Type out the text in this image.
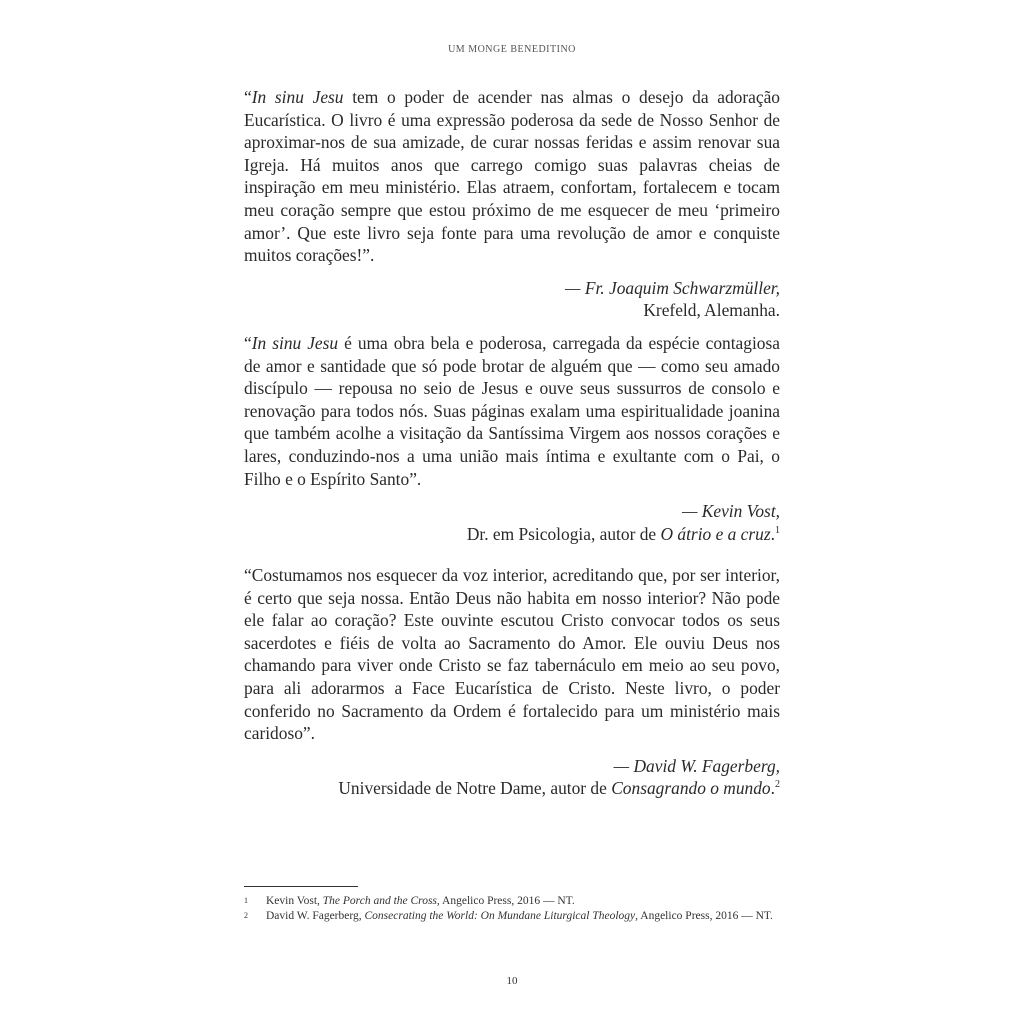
UM MONGE BENEDITINO

“In sinu Jesu tem o poder de acender nas almas o desejo da adoração Eucarística. O livro é uma expressão poderosa da sede de Nosso Senhor de aproximar-nos de sua amizade, de curar nossas feridas e assim renovar sua Igreja. Há muitos anos que carrego comigo suas palavras cheias de inspiração em meu ministério. Elas atraem, confortam, fortalecem e tocam meu coração sempre que estou próximo de me esquecer de meu ‘primeiro amor’. Que este livro seja fonte para uma revolução de amor e conquiste muitos corações!”.

— Fr. Joaquim Schwarzmüller,
Krefeld, Alemanha.

“In sinu Jesu é uma obra bela e poderosa, carregada da espécie contagiosa de amor e santidade que só pode brotar de alguém que — como seu amado discípulo — repousa no seio de Jesus e ouve seus sussurros de consolo e renovação para todos nós. Suas páginas exalam uma espiritualidade joanina que também acolhe a visitação da Santíssima Virgem aos nossos corações e lares, conduzindo-nos a uma união mais íntima e exultante com o Pai, o Filho e o Espírito Santo”.

— Kevin Vost,
Dr. em Psicologia, autor de O átrio e a cruz.$^1$

“Costumamos nos esquecer da voz interior, acreditando que, por ser interior, é certo que seja nossa. Então Deus não habita em nosso interior? Não pode ele falar ao coração? Este ouvinte escutou Cristo convocar todos os seus sacerdotes e fiéis de volta ao Sacramento do Amor. Ele ouviu Deus nos chamando para viver onde Cristo se faz tabernáculo em meio ao seu povo, para ali adorarmos a Face Eucarística de Cristo. Neste livro, o poder conferido no Sacramento da Ordem é fortalecido para um ministério mais caridoso”.

— David W. Fagerberg,
Universidade de Notre Dame, autor de Consagrando o mundo.$^2$
1	Kevin Vost, The Porch and the Cross, Angelico Press, 2016 — NT.
2	David W. Fagerberg, Consecrating the World: On Mundane Liturgical Theology, Angelico Press, 2016 — NT.
10
